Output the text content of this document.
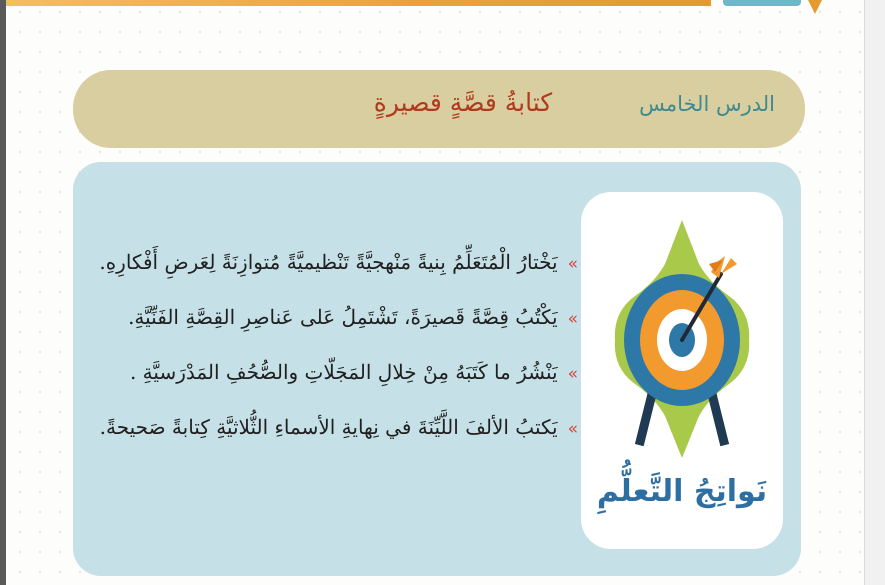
كتابةُ قصَّةٍ قصيرةٍ	الدرس الخامس
»
يَخْتارُ الْمُتَعَلِّمُ بِنيةً مَنْهجيَّةً تَنْظيميَّةً مُتوازِنَةً لِعَرضِ أَفْكارِهِ.
»
يَكْتُبُ قِصَّةً قَصيرَةً، تَشْتَمِلُ عَلى عَناصِرِ القِصَّةِ الفَنِّيَّةِ.
»
يَنْشُرُ ما كَتَبَهُ مِنْ خِلالِ المَجَلّاتِ والصُّحُفِ المَدْرَسيَّةِ .
»
يَكتبُ الألفَ اللَّيِّنَةَ في نِهايةِ الأسماءِ الثُّلاثيَّةِ كِتابةً صَحيحةً.
نَواتِجُ التَّعلُّمِ
